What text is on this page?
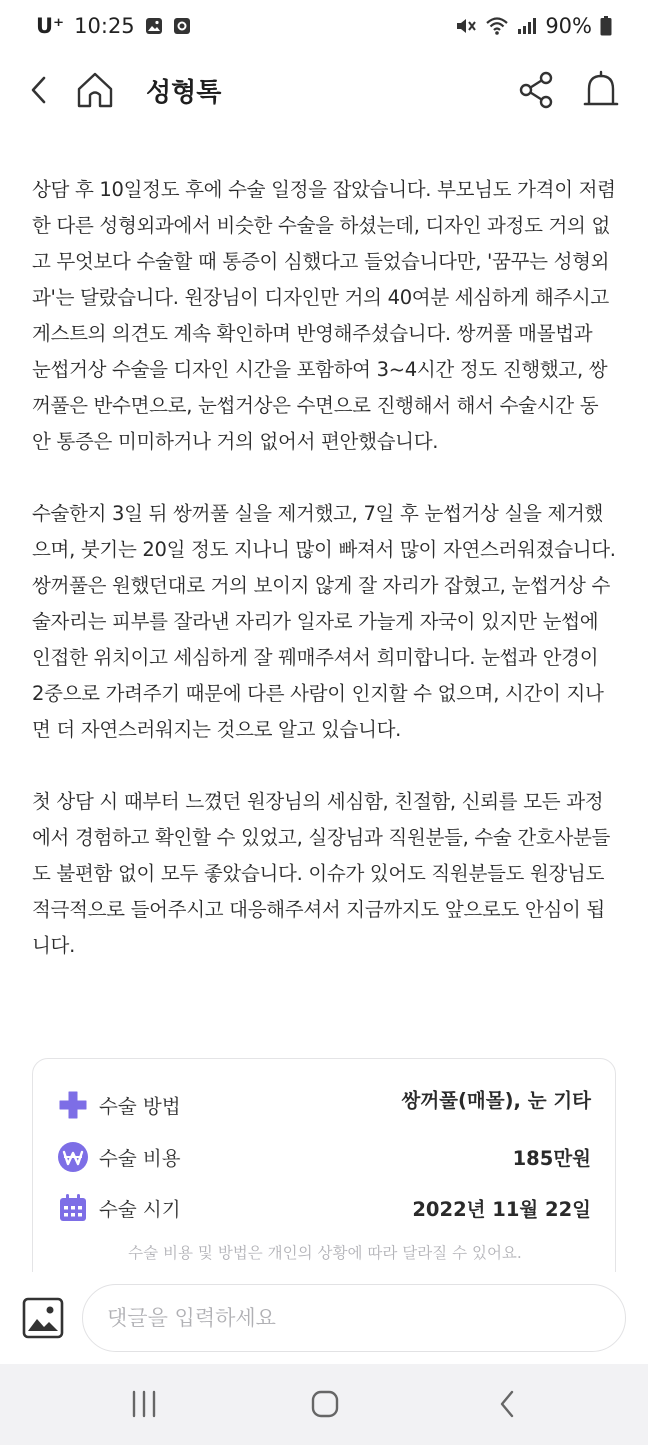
U⁺ 10:25	90%
성형톡

상담 후 10일정도 후에 수술 일정을 잡았습니다. 부모님도 가격이 저렴한 다른 성형외과에서 비슷한 수술을 하셨는데, 디자인 과정도 거의 없고 무엇보다 수술할 때 통증이 심했다고 들었습니다만, '꿈꾸는 성형외과'는 달랐습니다. 원장님이 디자인만 거의 40여분 세심하게 해주시고 게스트의 의견도 계속 확인하며 반영해주셨습니다. 쌍꺼풀 매몰법과 눈썹거상 수술을 디자인 시간을 포함하여 3~4시간 정도 진행했고, 쌍꺼풀은 반수면으로, 눈썹거상은 수면으로 진행해서 해서 수술시간 동안 통증은 미미하거나 거의 없어서 편안했습니다.

수술한지 3일 뒤 쌍꺼풀 실을 제거했고, 7일 후 눈썹거상 실을 제거했으며, 붓기는 20일 정도 지나니 많이 빠져서 많이 자연스러워졌습니다. 쌍꺼풀은 원했던대로 거의 보이지 않게 잘 자리가 잡혔고, 눈썹거상 수술자리는 피부를 잘라낸 자리가 일자로 가늘게 자국이 있지만 눈썹에 인접한 위치이고 세심하게 잘 꿰매주셔서 희미합니다. 눈썹과 안경이 2중으로 가려주기 때문에 다른 사람이 인지할 수 없으며, 시간이 지나면 더 자연스러워지는 것으로 알고 있습니다.

첫 상담 시 때부터 느꼈던 원장님의 세심함, 친절함, 신뢰를 모든 과정에서 경험하고 확인할 수 있었고, 실장님과 직원분들, 수술 간호사분들도 불편함 없이 모두 좋았습니다. 이슈가 있어도 직원분들도 원장님도 적극적으로 들어주시고 대응해주셔서 지금까지도 앞으로도 안심이 됩니다.

수술 방법	쌍꺼풀(매몰), 눈 기타
수술 비용	185만원
수술 시기	2022년 11월 22일
수술 비용 및 방법은 개인의 상황에 따라 달라질 수 있어요.
댓글을 입력하세요
